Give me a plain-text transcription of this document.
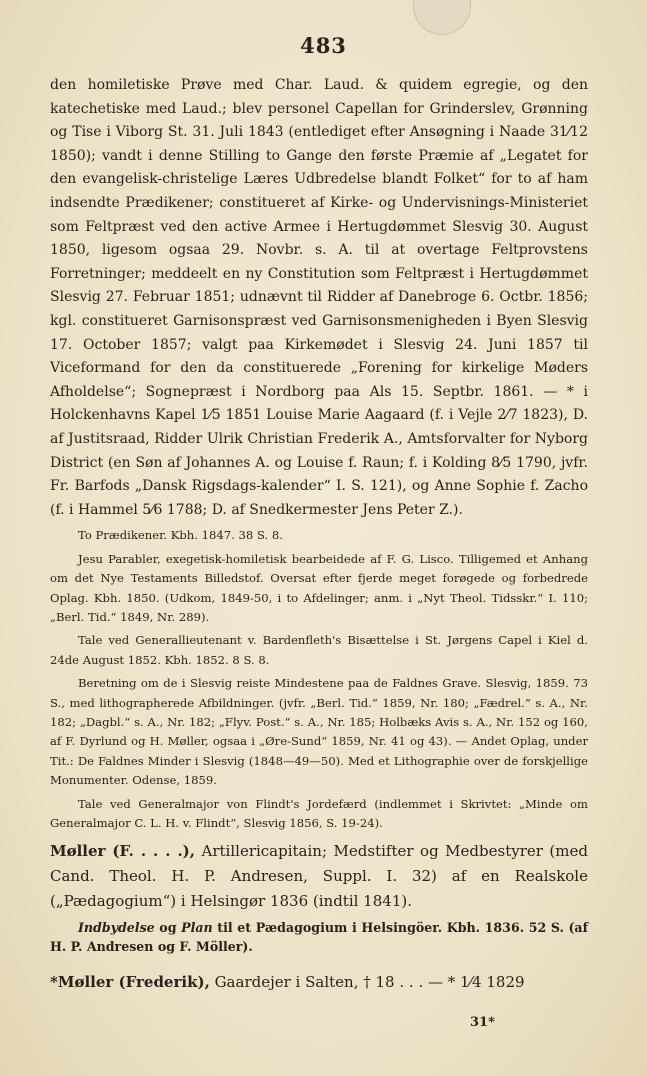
483

den homiletiske Prøve med Char. Laud. & quidem egregie, og den katechetiske med Laud.; blev personel Capellan for Grinderslev, Grønning og Tise i Viborg St. 31. Juli 1843 (entlediget efter Ansøgning i Naade 31⁄12 1850); vandt i denne Stilling to Gange den første Præmie af „Legatet for den evangelisk-christelige Læres Udbredelse blandt Folket“ for to af ham indsendte Prædikener; constitueret af Kirke- og Undervisnings-Ministeriet som Feltpræst ved den active Armee i Hertugdømmet Slesvig 30. August 1850, ligesom ogsaa 29. Novbr. s. A. til at overtage Feltprovstens Forretninger; meddeelt en ny Constitution som Feltpræst i Hertugdømmet Slesvig 27. Februar 1851; udnævnt til Ridder af Danebroge 6. Octbr. 1856; kgl. constitueret Garnisonspræst ved Garnisonsmenigheden i Byen Slesvig 17. October 1857; valgt paa Kirkemødet i Slesvig 24. Juni 1857 til Viceformand for den da constituerede „Forening for kirkelige Møders Afholdelse“; Sognepræst i Nordborg paa Als 15. Septbr. 1861. — * i Holckenhavns Kapel 1⁄5 1851 Louise Marie Aagaard (f. i Vejle 2⁄7 1823), D. af Justitsraad, Ridder Ulrik Christian Frederik A., Amtsforvalter for Nyborg District (en Søn af Johannes A. og Louise f. Raun; f. i Kolding 8⁄5 1790, jvfr. Fr. Barfods „Dansk Rigsdags-kalender“ I. S. 121), og Anne Sophie f. Zacho (f. i Hammel 5⁄6 1788; D. af Snedkermester Jens Peter Z.).

To Prædikener. Kbh. 1847. 38 S. 8.

Jesu Parabler, exegetisk-homiletisk bearbeidede af F. G. Lisco. Tilligemed et Anhang om det Nye Testaments Billedstof. Oversat efter fjerde meget forøgede og forbedrede Oplag. Kbh. 1850. (Udkom, 1849-50, i to Afdelinger; anm. i „Nyt Theol. Tidsskr.“ I. 110; „Berl. Tid.“ 1849, Nr. 289).

Tale ved Generallieutenant v. Bardenfleth's Bisættelse i St. Jørgens Capel i Kiel d. 24de August 1852. Kbh. 1852. 8 S. 8.

Beretning om de i Slesvig reiste Mindestene paa de Faldnes Grave. Slesvig, 1859. 73 S., med lithographerede Afbildninger. (jvfr. „Berl. Tid.“ 1859, Nr. 180; „Fædrel.“ s. A., Nr. 182; „Dagbl.“ s. A., Nr. 182; „Flyv. Post.“ s. A., Nr. 185; Holbæks Avis s. A., Nr. 152 og 160, af F. Dyrlund og H. Møller, ogsaa i „Øre-Sund“ 1859, Nr. 41 og 43). — Andet Oplag, under Tit.: De Faldnes Minder i Slesvig (1848—49—50). Med et Lithographie over de forskjellige Monumenter. Odense, 1859.

Tale ved Generalmajor von Flindt's Jordefærd (indlemmet i Skrivtet: „Minde om Generalmajor C. L. H. v. Flindt“, Slesvig 1856, S. 19-24).

Møller (F. . . . .), Artillericapitain; Medstifter og Medbestyrer (med Cand. Theol. H. P. Andresen, Suppl. I. 32) af en Realskole („Pædagogium“) i Helsingør 1836 (indtil 1841).

Indbydelse og Plan til et Pædagogium i Helsingöer. Kbh. 1836. 52 S. (af H. P. Andresen og F. Möller).

*Møller (Frederik), Gaardejer i Salten, † 18 . . . — * 1⁄4 1829

31*
